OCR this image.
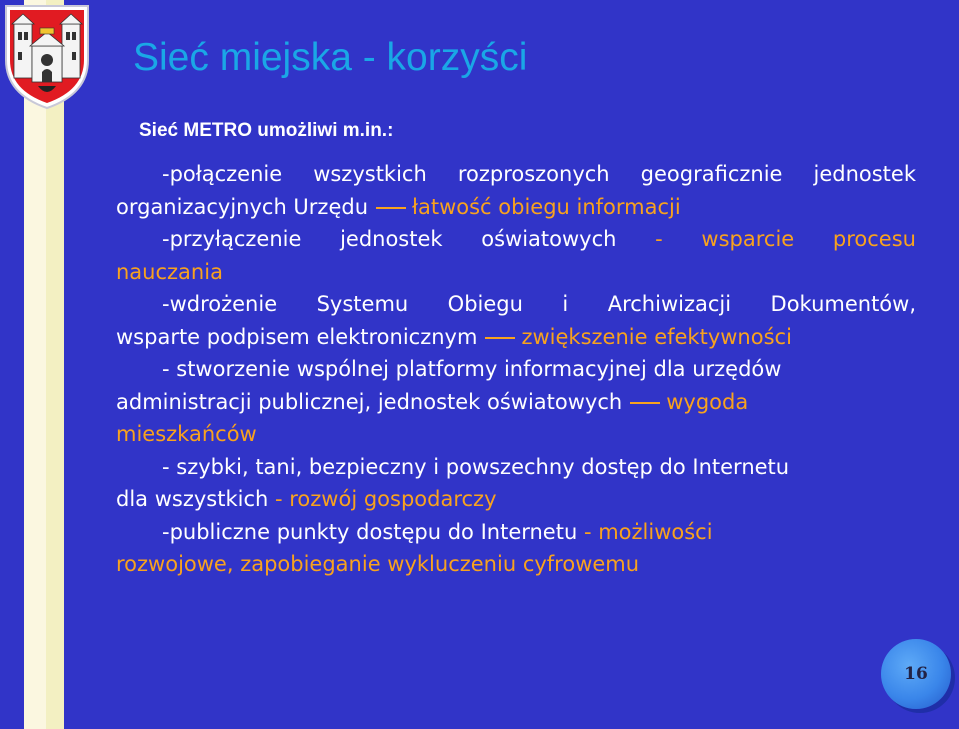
Sieć miejska - korzyści
Sieć METRO umożliwi m.in.:
-połączenie wszystkich rozproszonych geograficznie jednostek
organizacyjnych Urzędu łatwość obiegu informacji
-przyłączenie jednostek oświatowych - wsparcie procesu
nauczania
-wdrożenie Systemu Obiegu i Archiwizacji Dokumentów,
wsparte podpisem elektronicznym zwiększenie efektywności
- stworzenie wspólnej platformy informacyjnej dla urzędów
administracji publicznej, jednostek oświatowych wygoda
mieszkańców
- szybki, tani, bezpieczny i powszechny dostęp do Internetu
dla wszystkich - rozwój gospodarczy
-publiczne punkty dostępu do Internetu - możliwości
rozwojowe, zapobieganie wykluczeniu cyfrowemu
16
